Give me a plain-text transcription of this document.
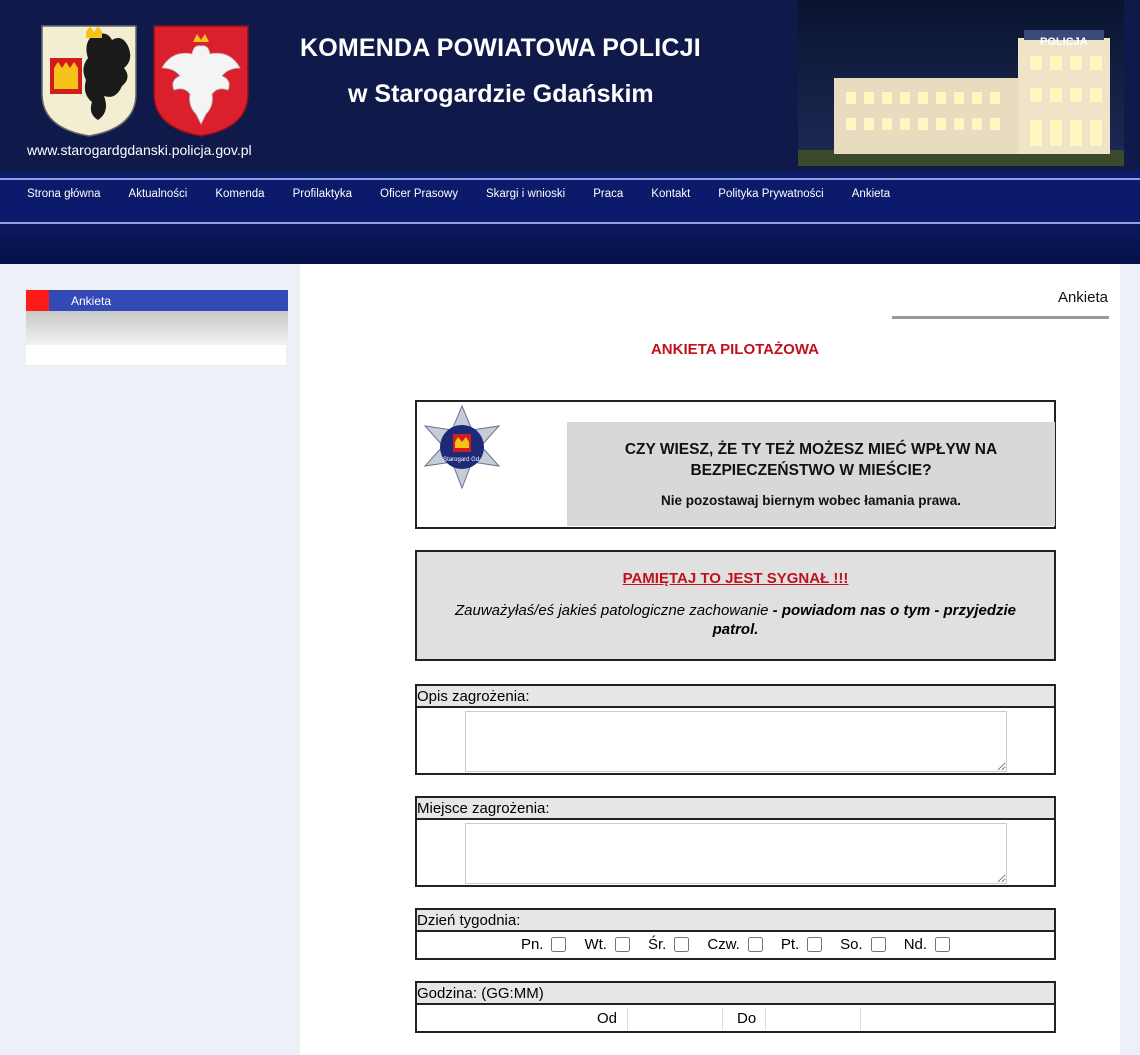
www.starogardgdanski.policja.gov.pl
KOMENDA POWIATOWA POLICJI
w Starogardzie Gdańskim
POLICJA
Strona główna Aktualności Komenda Profilaktyka Oficer Prasowy Skargi i wnioski Praca Kontakt Polityka Prywatności Ankieta
Ankieta	Ankieta
ANKIETA PILOTAŻOWA
Starogard Gd.
CZY WIESZ, ŻE TY TEŻ MOŻESZ MIEĆ WPŁYW NA BEZPIECZEŃSTWO W MIEŚCIE?
Nie pozostawaj biernym wobec łamania prawa.
PAMIĘTAJ TO JEST SYGNAŁ !!!
Zauważyłaś/eś jakieś patologiczne zachowanie - powiadom nas o tym - przyjedzie patrol.
Opis zagrożenia:
Miejsce zagrożenia:
Dzień tygodnia:
Pn.	Wt.	Śr.	Czw.	Pt.	So.	Nd.
Godzina: (GG:MM)
Od	Do
